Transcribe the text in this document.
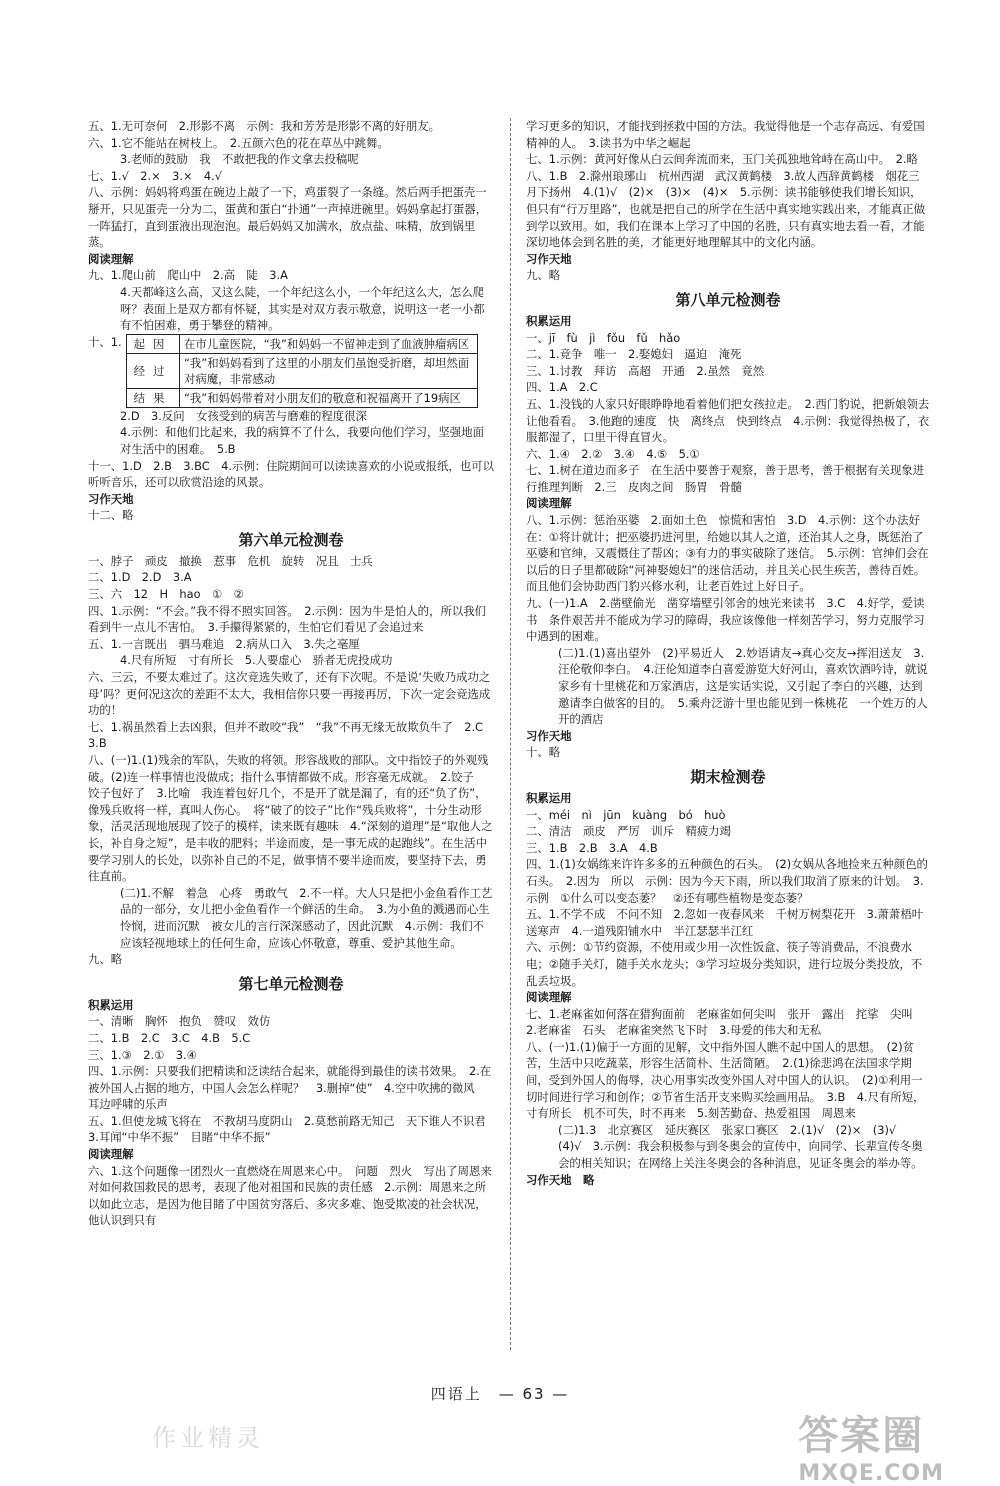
五、1.无可奈何　2.形影不离　示例：我和芳芳是形影不离的好朋友。

六、1.它不能站在树枝上。　2.五颜六色的花在草丛中跳舞。

3.老师的鼓励　我　不敢把我的作文拿去投稿呢

七、1.√　2.×　3.×　4.√

八、示例：妈妈将鸡蛋在碗边上敲了一下，鸡蛋裂了一条缝。然后两手把蛋壳一掰开，只见蛋壳一分为二，蛋黄和蛋白“扑通”一声掉进碗里。妈妈拿起打蛋器，一阵猛打，直到蛋液出现泡泡。最后妈妈又加满水，放点盐、味精，放到锅里蒸。

阅读理解

九、1.爬山前　爬山中　2.高　陡　3.A

4.天都峰这么高，又这么陡，一个年纪这么小，一个年纪这么大，怎么爬呀？表面上是双方都有怀疑，其实是对双方表示敬意，说明这一老一小都有不怕困难，勇于攀登的精神。

十、1. 起因	在市儿童医院，“我”和妈妈一不留神走到了血液肿瘤病区
经过	“我”和妈妈看到了这里的小朋友们虽饱受折磨，却坦然面对病魔，非常感动
结果	“我”和妈妈带着对小朋友们的敬意和祝福离开了19病区

2.D　3.反问　女孩受到的病苦与磨难的程度很深

4.示例：和他们比起来，我的病算不了什么，我要向他们学习，坚强地面对生活中的困难。　5.B

十一、1.D　2.B　3.BC　4.示例：住院期间可以读读喜欢的小说或报纸，也可以听听音乐，还可以欣赏沿途的风景。

习作天地

十二、略

第六单元检测卷

一、脖子　顽皮　撤换　惹事　危机　旋转　况且　士兵

二、1.D　2.D　3.A

三、六　12　H　hao　①　②

四、1.示例：“不会。”我不得不照实回答。　2.示例：因为牛是怕人的，所以我们看到牛一点儿不害怕。　3.手攥得紧紧的，生怕它们看见了会追过来

五、1.一言既出　驷马难追　2.病从口入　3.失之毫厘

4.尺有所短　寸有所长　5.人要虚心　骄者无虎投成功

六、三云，不要太难过了。这次竞选失败了，还有下次呢。不是说‘失败乃成功之母’吗？更何况这次的差距不太大，我相信你只要一再接再厉，下次一定会竞选成功的！

七、1.祸虽然看上去凶狠，但并不敢咬“我”　“我”不再无缘无故欺负牛了　2.C　3.B

八、(一)1.(1)残余的军队，失败的将领。形容战败的部队。文中指饺子的外观残破。(2)连一样事情也没做成；指什么事情都做不成。形容毫无成就。　2.饺子　饺子包好了　3.比喻　我连着包好几个，不是开了就是漏了，有的还“负了伤”，像残兵败将一样，真叫人伤心。　将“破了的饺子”比作“残兵败将”，十分生动形象，活灵活现地展现了饺子的模样，读来既有趣味　4.“深刻的道理”是“取他人之长，补自身之短”，是丰收的肥料；半途而废，是一事无成的起跑线”。在生活中要学习别人的长处，以弥补自己的不足，做事情不要半途而废，要坚持下去，勇往直前。

(二)1.不解　着急　心疼　勇敢气　2.不一样。大人只是把小金鱼看作工艺品的一部分，女儿把小金鱼看作一个鲜活的生命。　3.为小鱼的溅遇而心生怜悯，进而沉默　被女儿的言行深深感动了，因此沉默　4.示例：我们不应该轻视地球上的任何生命，应该心怀敬意，尊重、爱护其他生命。

九、略

第七单元检测卷

积累运用

一、清晰　胸怀　抱负　赞叹　效仿

二、1.B　2.C　3.C　4.B　5.C

三、1.③　2.①　3.④

四、1.示例：只要我们把精读和泛读结合起来，就能得到最佳的读书效果。　2.在被外国人占据的地方，中国人会怎么样呢？　3.删掉“使”　4.空中吹拂的微风　耳边呼啸的乐声

五、1.但使龙城飞将在　不教胡马度阴山　2.莫愁前路无知己　天下谁人不识君　3.耳闻“中华不振”　目睹“中华不振”

阅读理解

六、1.这个问题像一团烈火一直燃烧在周恩来心中。　问题　烈火　写出了周恩来对如何救国救民的思考，表现了他对祖国和民族的责任感　2.示例：周恩来之所以如此立志，是因为他目睹了中国贫穷落后、多灾多难、饱受欺凌的社会状况，他认识到只有

学习更多的知识，才能找到拯救中国的方法。我觉得他是一个志存高远、有爱国精神的人。　3.读书为中华之崛起

七、1.示例：黄河好像从白云间奔流而来，玉门关孤独地耸峙在高山中。　2.略

八、1.B　2.滁州琅琊山　杭州西湖　武汉黄鹤楼　3.故人西辞黄鹤楼　烟花三月下扬州　4.(1)√　(2)×　(3)×　(4)×　5.示例：读书能够使我们增长知识，但只有“行万里路”，也就是把自己的所学在生活中真实地实践出来，才能真正做到学以致用。如，我们在课本上学习了中国的名胜，只有真实地去看一看，才能深切地体会到名胜的美，才能更好地理解其中的文化内涵。

习作天地

九、略

第八单元检测卷

积累运用

一、jī　fù　jì　fǒu　fǔ　hǎo

二、1.竞争　唯一　2.娶媳妇　逼迫　淹死

三、1.讨教　拜访　高超　开通　2.虽然　竟然

四、1.A　2.C

五、1.没钱的人家只好眼睁睁地看着他们把女孩拉走。　2.西门豹说，把新娘领去让他看看。　3.他跑的速度　快　离终点　快到终点　4.示例：我觉得热极了，衣服都湿了，口里干得直冒火。

六、1.④　2.②　3.④　4.⑤　5.①

七、1.树在道边而多子　在生活中要善于观察，善于思考，善于根据有关现象进行推理判断　2.三　皮肉之间　肠胃　骨髓

阅读理解

八、1.示例：惩治巫婆　2.面如土色　惊慌和害怕　3.D　4.示例：这个办法好在：①将计就计；把巫婆扔进河里，给她以其人之道，还治其人之身，既惩治了巫婆和官绅，又震慑住了帮凶；③有力的事实破除了迷信。　5.示例：官绅们会在以后的日子里都破除“河神娶媳妇”的迷信活动，并且关心民生疾苦，善待百姓。而且他们会协助西门豹兴修水利，让老百姓过上好日子。

九、(一)1.A　2.凿壁偷光　凿穿墙壁引邻舍的烛光来读书　3.C　4.好学，爱读书　条件艰苦并不能成为学习的障碍，我应该像他一样刻苦学习，努力克服学习中遇到的困难。

(二)1.(1)喜出望外　(2)平易近人　2.妙语请友→真心交友→挥泪送友　3.汪伦敬仰李白。　4.汪伦知道李白喜爱游览大好河山，喜欢饮酒吟诗，就说家乡有十里桃花和万家酒店，这是实话实说，又引起了李白的兴趣，达到邀请李白做客的目的。　5.乘舟泛游十里也能见到一株桃花　一个姓万的人开的酒店

习作天地

十、略

期末检测卷

积累运用

一、méi　nì　jūn　kuàng　bó　huò

二、清洁　顽皮　严厉　训斥　精疲力竭

三、1.B　2.B　3.A　4.B

四、1.(1)女娲练来许许多多的五种颜色的石头。　(2)女娲从各地捡来五种颜色的石头。　2.因为　所以　示例：因为今天下雨，所以我们取消了原来的计划。　3.示例　①什么可以变态萎？　②还有哪些植物是变态萎？

五、1.不学不成　不问不知　2.忽如一夜春风来　千树万树梨花开　3.萧萧梧叶送寒声　4.一道残阳铺水中　半江瑟瑟半江红

六、示例：①节约资源，不使用或少用一次性饭盒、筷子等消费品，不浪费水电；②随手关灯，随手关水龙头；③学习垃圾分类知识，进行垃圾分类投放，不乱丢垃圾。

阅读理解

七、1.老麻雀如何落在猎狗面前　老麻雀如何尖叫　张开　露出　挓挲　尖叫　2.老麻雀　石头　老麻雀突然飞下时　3.母爱的伟大和无私

八、(一)1.(1)偏于一方面的见解，文中指外国人瞧不起中国人的思想。　(2)贫苦，生活中只吃蔬菜，形容生活简朴、生活简陋。　2.(1)徐悲鸿在法国求学期间，受到外国人的侮辱，决心用事实改变外国人对中国人的认识。　(2)①利用一切时间进行学习和创作；②节省生活开支来购买绘画用品。　3.B　4.尺有所短，寸有所长　机不可失，时不再来　5.刻苦勤奋、热爱祖国　周恩来

(二)1.3　北京赛区　延庆赛区　张家口赛区　2.(1)√　(2)×　(3)√　(4)√　3.示例：我会积极参与到冬奥会的宣传中，向同学、长辈宣传冬奥会的相关知识；在网络上关注冬奥会的各种消息，见证冬奥会的举办等。

习作天地　略

四语上　— 63 —
作业精灵	答案圈
MXQE.COM
